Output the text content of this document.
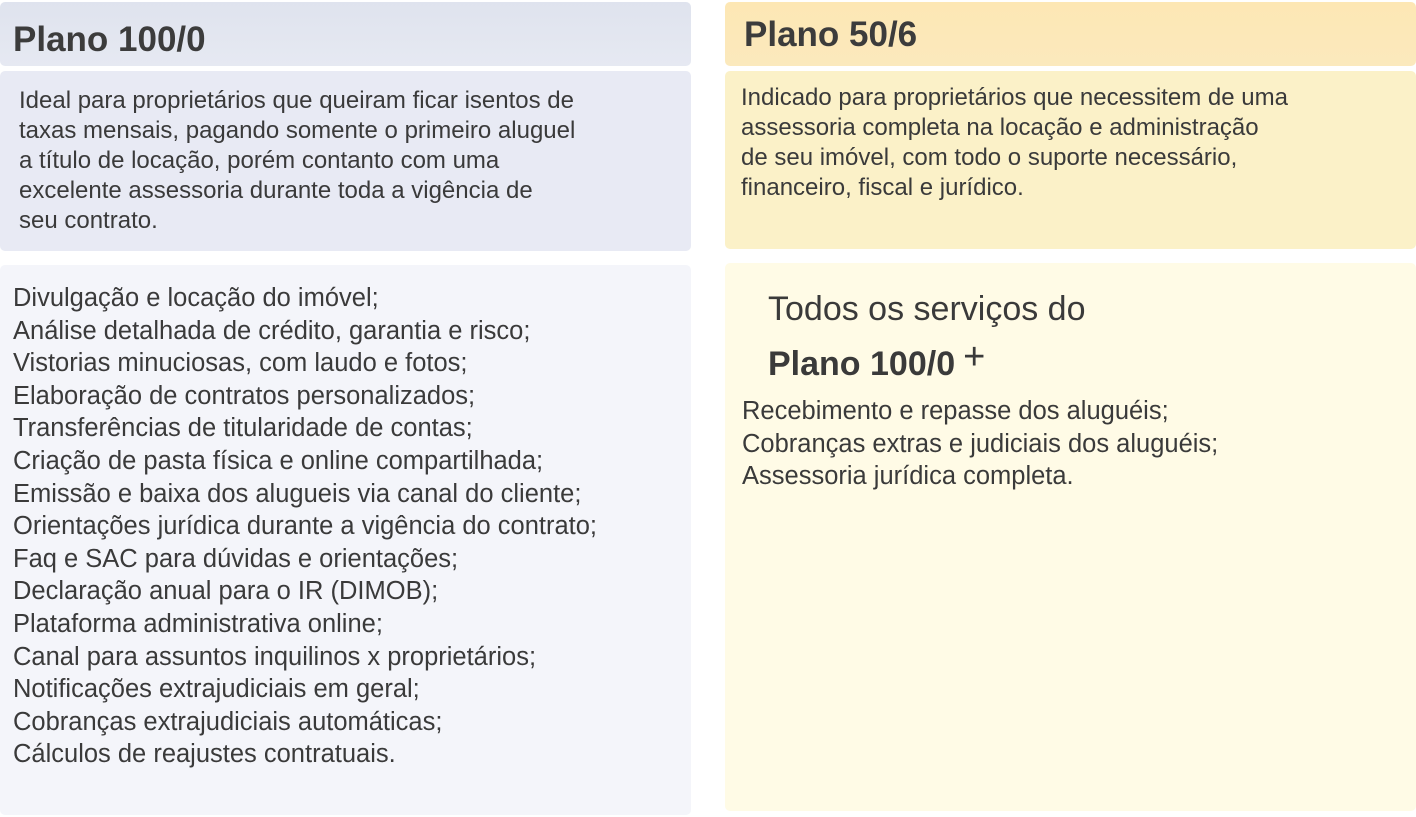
Plano 100/0
Ideal para proprietários que queiram ficar isentos de
taxas mensais, pagando somente o primeiro aluguel
a título de locação, porém contanto com uma
excelente assessoria durante toda a vigência de
seu contrato.
Divulgação e locação do imóvel;
Análise detalhada de crédito, garantia e risco;
Vistorias minuciosas, com laudo e fotos;
Elaboração de contratos personalizados;
Transferências de titularidade de contas;
Criação de pasta física e online compartilhada;
Emissão e baixa dos alugueis via canal do cliente;
Orientações jurídica durante a vigência do contrato;
Faq e SAC para dúvidas e orientações;
Declaração anual para o IR (DIMOB);
Plataforma administrativa online;
Canal para assuntos inquilinos x proprietários;
Notificações extrajudiciais em geral;
Cobranças extrajudiciais automáticas;
Cálculos de reajustes contratuais.
Plano 50/6
Indicado para proprietários que necessitem de uma
assessoria completa na locação e administração
de seu imóvel, com todo o suporte necessário,
financeiro, fiscal e jurídico.
Todos os serviços do
Plano 100/0 +
Recebimento e repasse dos aluguéis;
Cobranças extras e judiciais dos aluguéis;
Assessoria jurídica completa.
